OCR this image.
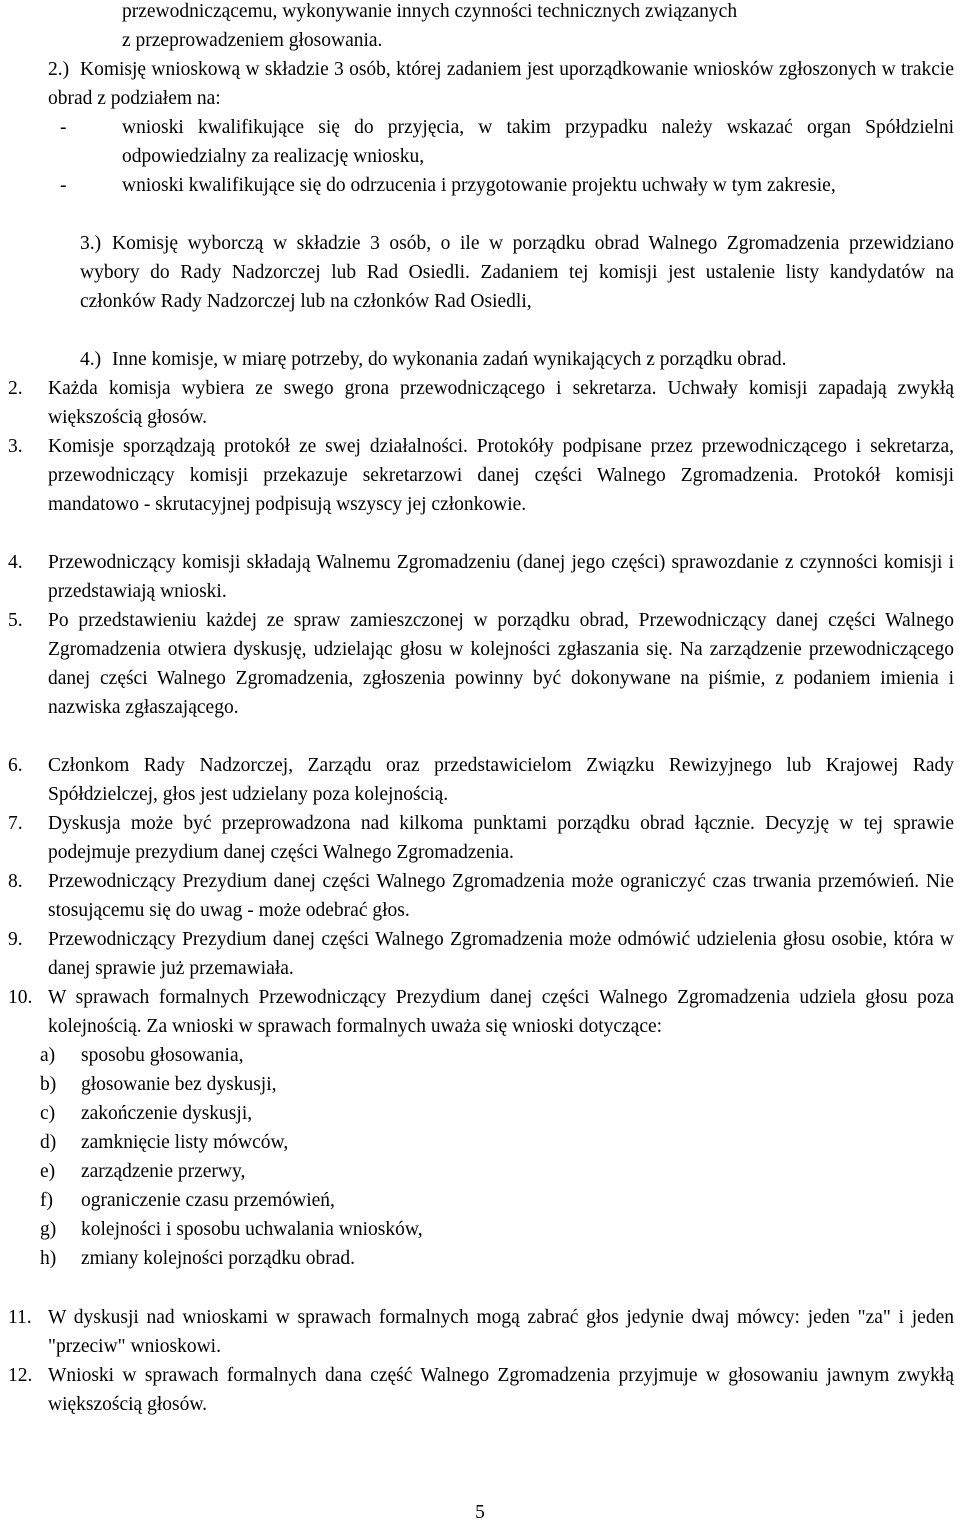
przewodniczącemu, wykonywanie innych czynności technicznych związanych
z przeprowadzeniem głosowania.
2.) Komisję wnioskową w składzie 3 osób, której zadaniem jest uporządkowanie wniosków zgłoszonych w trakcie obrad z podziałem na:
-	wnioski kwalifikujące się do przyjęcia, w takim przypadku należy wskazać organ Spółdzielni odpowiedzialny za realizację wniosku,
-	wnioski kwalifikujące się do odrzucenia i przygotowanie projektu uchwały w tym zakresie,
3.) Komisję wyborczą w składzie 3 osób, o ile w porządku obrad Walnego Zgromadzenia przewidziano wybory do Rady Nadzorczej lub Rad Osiedli. Zadaniem tej komisji jest ustalenie listy kandydatów na członków Rady Nadzorczej lub na członków Rad Osiedli,
4.) Inne komisje, w miarę potrzeby, do wykonania zadań wynikających z porządku obrad.
2. Każda komisja wybiera ze swego grona przewodniczącego i sekretarza. Uchwały komisji zapadają zwykłą większością głosów.
3. Komisje sporządzają protokół ze swej działalności. Protokóły podpisane przez przewodniczącego i sekretarza, przewodniczący komisji przekazuje sekretarzowi danej części Walnego Zgromadzenia. Protokół komisji mandatowo - skrutacyjnej podpisują wszyscy jej członkowie.
4. Przewodniczący komisji składają Walnemu Zgromadzeniu (danej jego części) sprawozdanie z czynności komisji i przedstawiają wnioski.
5. Po przedstawieniu każdej ze spraw zamieszczonej w porządku obrad, Przewodniczący danej części Walnego Zgromadzenia otwiera dyskusję, udzielając głosu w kolejności zgłaszania się. Na zarządzenie przewodniczącego danej części Walnego Zgromadzenia, zgłoszenia powinny być dokonywane na piśmie, z podaniem imienia i nazwiska zgłaszającego.
6. Członkom Rady Nadzorczej, Zarządu oraz przedstawicielom Związku Rewizyjnego lub Krajowej Rady Spółdzielczej, głos jest udzielany poza kolejnością.
7. Dyskusja może być przeprowadzona nad kilkoma punktami porządku obrad łącznie. Decyzję w tej sprawie podejmuje prezydium danej części Walnego Zgromadzenia.
8. Przewodniczący Prezydium danej części Walnego Zgromadzenia może ograniczyć czas trwania przemówień. Nie stosującemu się do uwag - może odebrać głos.
9. Przewodniczący Prezydium danej części Walnego Zgromadzenia może odmówić udzielenia głosu osobie, która w danej sprawie już przemawiała.
10. W sprawach formalnych Przewodniczący Prezydium danej części Walnego Zgromadzenia udziela głosu poza kolejnością. Za wnioski w sprawach formalnych uważa się wnioski dotyczące:
a) sposobu głosowania,
b) głosowanie bez dyskusji,
c) zakończenie dyskusji,
d) zamknięcie listy mówców,
e) zarządzenie przerwy,
f) ograniczenie czasu przemówień,
g) kolejności i sposobu uchwalania wniosków,
h) zmiany kolejności porządku obrad.
11. W dyskusji nad wnioskami w sprawach formalnych mogą zabrać głos jedynie dwaj mówcy: jeden "za" i jeden "przeciw" wnioskowi.
12. Wnioski w sprawach formalnych dana część Walnego Zgromadzenia przyjmuje w głosowaniu jawnym zwykłą większością głosów.
5
